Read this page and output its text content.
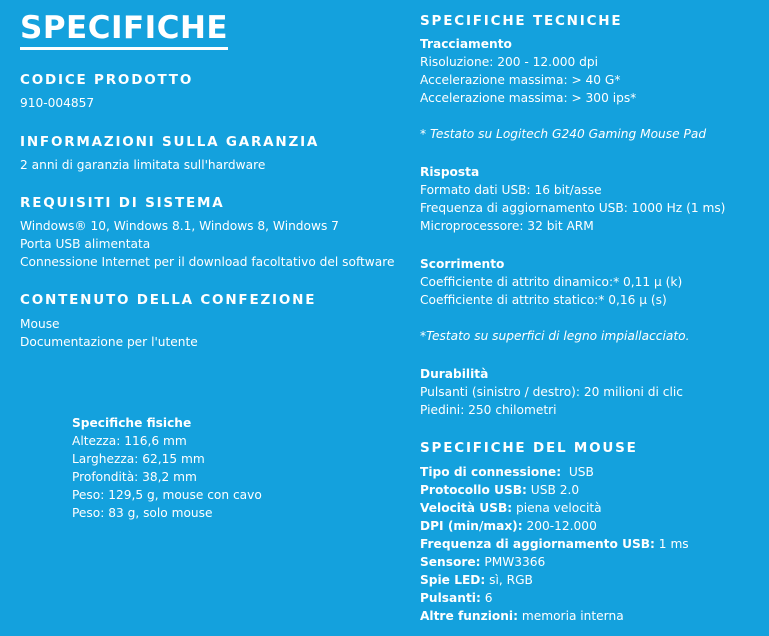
SPECIFICHE
CODICE PRODOTTO
910-004857
INFORMAZIONI SULLA GARANZIA
2 anni di garanzia limitata sull'hardware
REQUISITI DI SISTEMA
Windows® 10, Windows 8.1, Windows 8, Windows 7
Porta USB alimentata
Connessione Internet per il download facoltativo del software
CONTENUTO DELLA CONFEZIONE
Mouse
Documentazione per l'utente
Specifiche fisiche
Altezza: 116,6 mm
Larghezza: 62,15 mm
Profondità: 38,2 mm
Peso: 129,5 g, mouse con cavo
Peso: 83 g, solo mouse
SPECIFICHE TECNICHE
Tracciamento
Risoluzione: 200 - 12.000 dpi
Accelerazione massima: > 40 G*
Accelerazione massima: > 300 ips*
* Testato su Logitech G240 Gaming Mouse Pad
Risposta
Formato dati USB: 16 bit/asse
Frequenza di aggiornamento USB: 1000 Hz (1 ms)
Microprocessore: 32 bit ARM
Scorrimento
Coefficiente di attrito dinamico:* 0,11 µ (k)
Coefficiente di attrito statico:* 0,16 µ (s)
*Testato su superfici di legno impiallacciato.
Durabilità
Pulsanti (sinistro / destro): 20 milioni di clic
Piedini: 250 chilometri
SPECIFICHE DEL MOUSE
Tipo di connessione:  USB
Protocollo USB: USB 2.0
Velocità USB: piena velocità
DPI (min/max): 200-12.000
Frequenza di aggiornamento USB: 1 ms
Sensore: PMW3366
Spie LED: sì, RGB
Pulsanti: 6
Altre funzioni: memoria interna
